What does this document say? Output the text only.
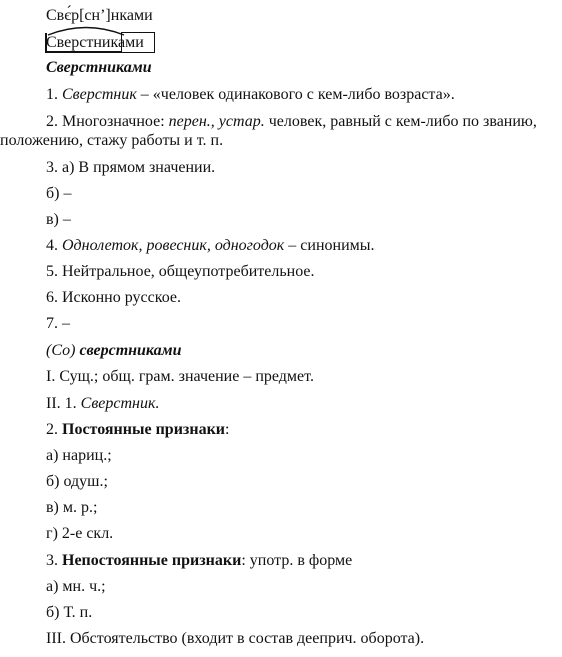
Свє́р[сн’]нками
Сверстниками
Сверстниками
1. Сверстник – «человек одинакового с кем-либо возраста».
2. Многозначное: перен., устар. человек, равный с кем-либо по званию,
положению, стажу работы и т. п.
3. а) В прямом значении.
б) –
в) –
4. Однолеток, ровесник, одногодок – синонимы.
5. Нейтральное, общеупотребительное.
6. Исконно русское.
7. –
(Со) сверстниками
I. Сущ.; общ. грам. значение – предмет.
II. 1. Сверстник.
2. Постоянные признаки:
а) нариц.;
б) одуш.;
в) м. р.;
г) 2-е скл.
3. Непостоянные признаки: употр. в форме
а) мн. ч.;
б) Т. п.
III. Обстоятельство (входит в состав дееприч. оборота).
